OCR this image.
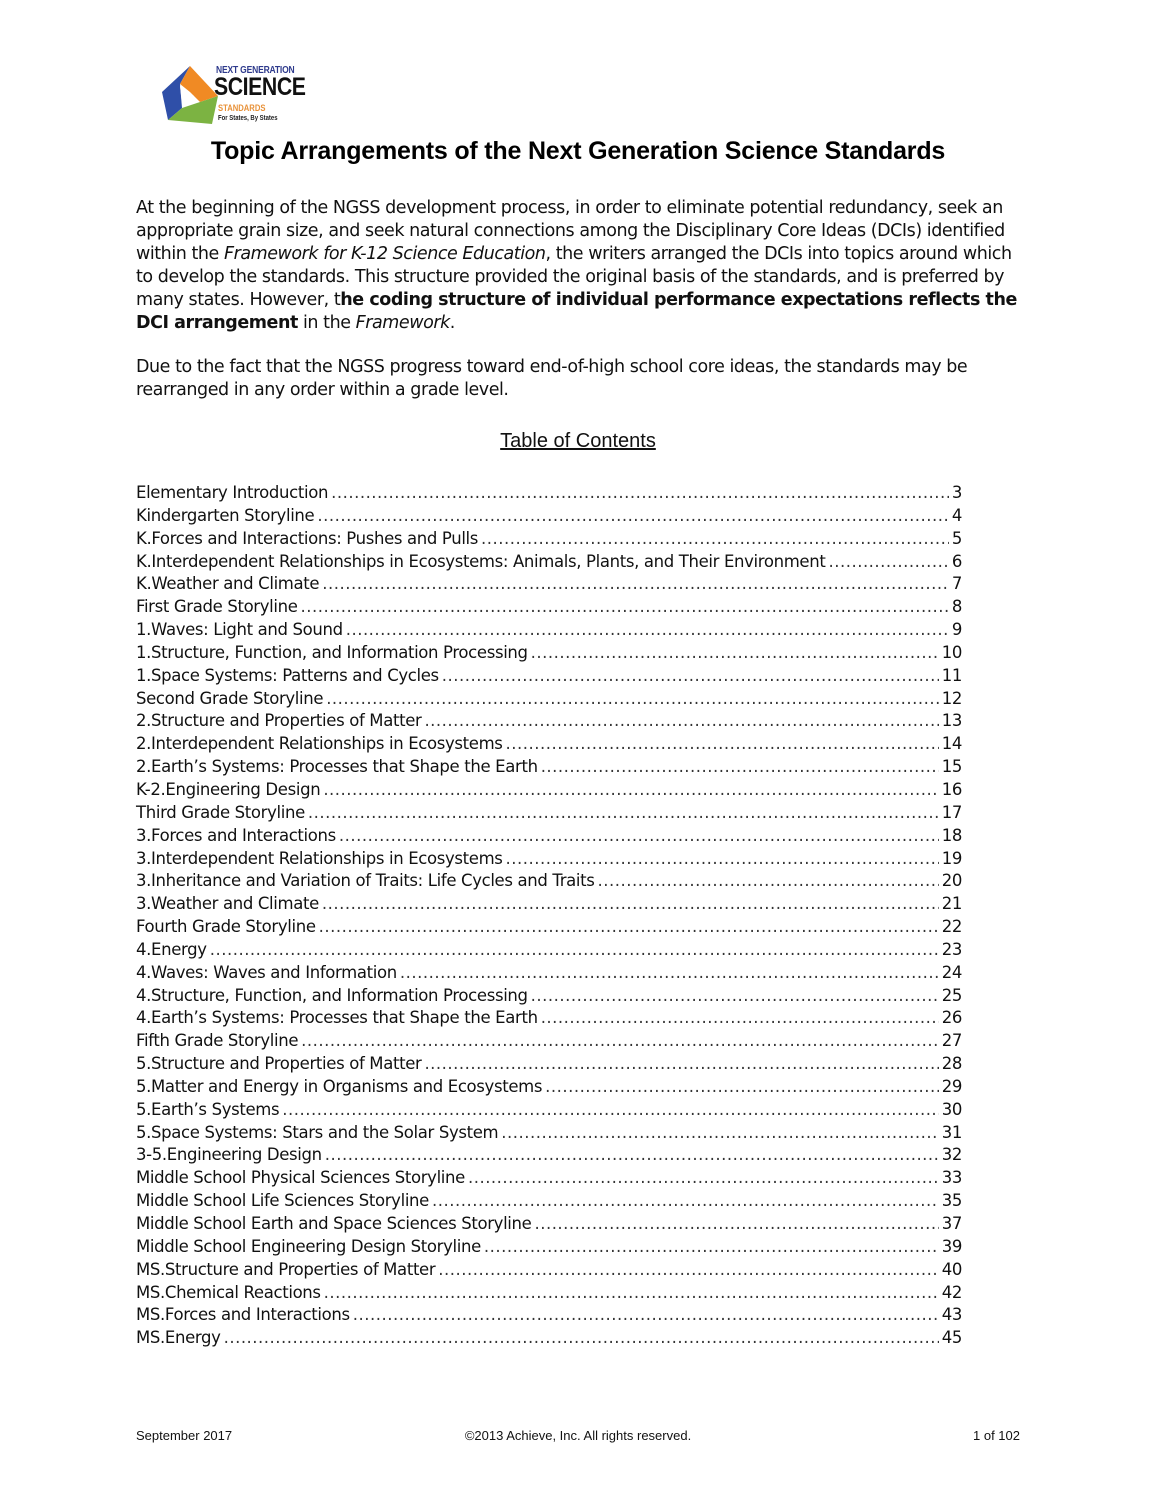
NEXT GENERATION
SCIENCE
STANDARDS
For States, By States
Topic Arrangements of the Next Generation Science Standards

At the beginning of the NGSS development process, in order to eliminate potential redundancy, seek an appropriate grain size, and seek natural connections among the Disciplinary Core Ideas (DCIs) identified within the Framework for K-12 Science Education, the writers arranged the DCIs into topics around which to develop the standards. This structure provided the original basis of the standards, and is preferred by many states. However, the coding structure of individual performance expectations reflects the DCI arrangement in the Framework.

Due to the fact that the NGSS progress toward end-of-high school core ideas, the standards may be rearranged in any order within a grade level.

Table of Contents
Elementary Introduction .....	3
Kindergarten Storyline .....	4
K.Forces and Interactions: Pushes and Pulls .....	5
K.Interdependent Relationships in Ecosystems: Animals, Plants, and Their Environment .....	6
K.Weather and Climate .....	7
First Grade Storyline .....	8
1.Waves: Light and Sound .....	9
1.Structure, Function, and Information Processing .....	10
1.Space Systems: Patterns and Cycles .....	11
Second Grade Storyline .....	12
2.Structure and Properties of Matter .....	13
2.Interdependent Relationships in Ecosystems .....	14
2.Earth’s Systems: Processes that Shape the Earth .....	15
K-2.Engineering Design .....	16
Third Grade Storyline .....	17
3.Forces and Interactions .....	18
3.Interdependent Relationships in Ecosystems .....	19
3.Inheritance and Variation of Traits: Life Cycles and Traits .....	20
3.Weather and Climate .....	21
Fourth Grade Storyline .....	22
4.Energy .....	23
4.Waves: Waves and Information .....	24
4.Structure, Function, and Information Processing .....	25
4.Earth’s Systems: Processes that Shape the Earth .....	26
Fifth Grade Storyline .....	27
5.Structure and Properties of Matter .....	28
5.Matter and Energy in Organisms and Ecosystems .....	29
5.Earth’s Systems .....	30
5.Space Systems: Stars and the Solar System .....	31
3-5.Engineering Design .....	32
Middle School Physical Sciences Storyline .....	33
Middle School Life Sciences Storyline .....	35
Middle School Earth and Space Sciences Storyline .....	37
Middle School Engineering Design Storyline .....	39
MS.Structure and Properties of Matter .....	40
MS.Chemical Reactions .....	42
MS.Forces and Interactions .....	43
MS.Energy .....	45
September 2017	©2013 Achieve, Inc. All rights reserved.	1 of 102
